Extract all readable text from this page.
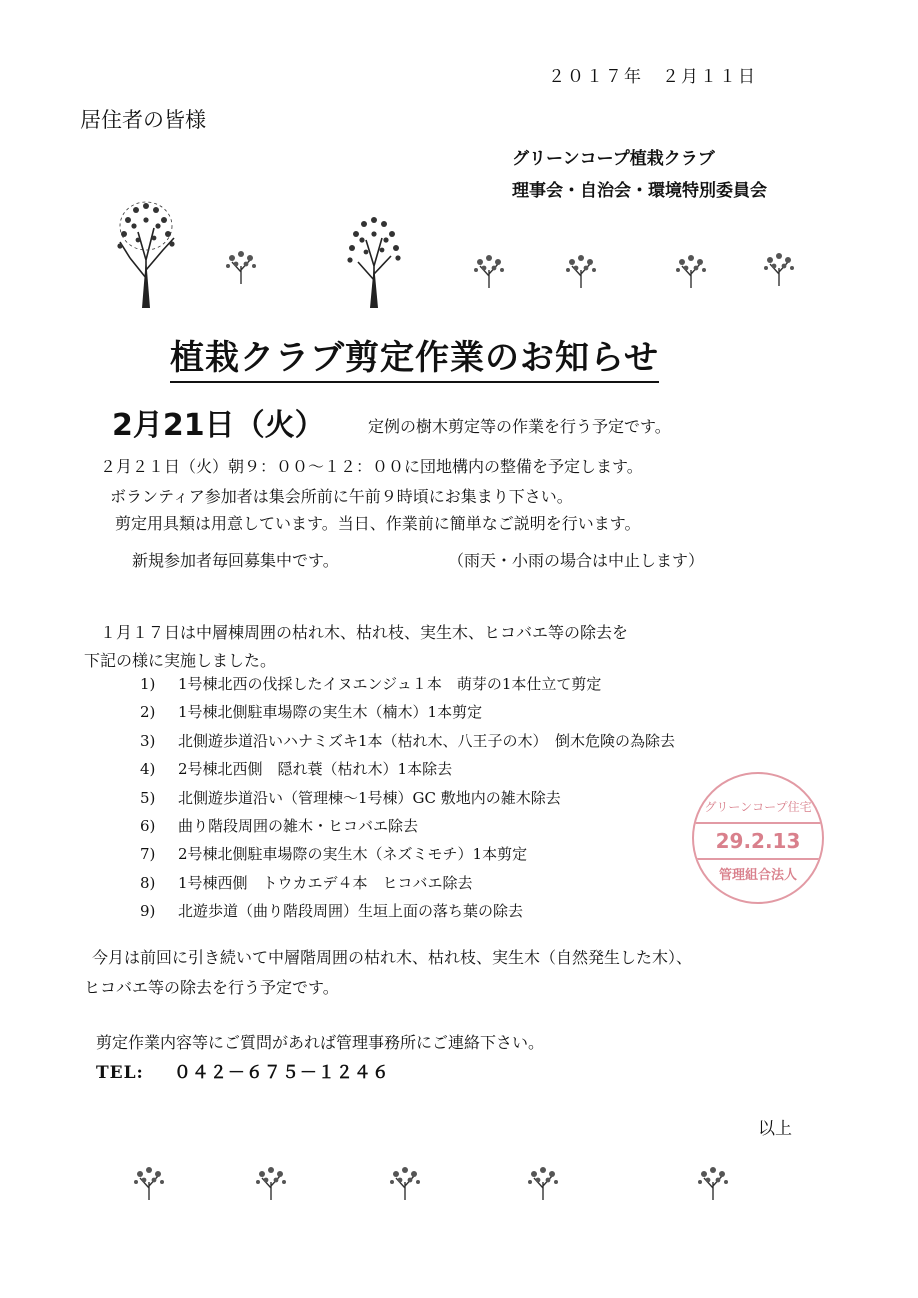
２０１７年　２月１１日
居住者の皆様
グリーンコープ植栽クラブ
理事会・自治会・環境特別委員会
植栽クラブ剪定作業のお知らせ
2月21日（火）	定例の樹木剪定等の作業を行う予定です。
２月２１日（火）朝９：００～１２：００に団地構内の整備を予定します。
ボランティア参加者は集会所前に午前９時頃にお集まり下さい。
剪定用具類は用意しています。当日、作業前に簡単なご説明を行います。
新規参加者毎回募集中です。	（雨天・小雨の場合は中止します）
１月１７日は中層棟周囲の枯れ木、枯れ枝、実生木、ヒコバエ等の除去を
下記の様に実施しました。
1)	1号棟北西の伐採したイヌエンジュ１本　萌芽の1本仕立て剪定
2)	1号棟北側駐車場際の実生木（楠木）1本剪定
3)	北側遊歩道沿いハナミズキ1本（枯れ木、八王子の木）　倒木危険の為除去
4)	2号棟北西側　隠れ蓑（枯れ木）1本除去
5)	北側遊歩道沿い（管理棟～1号棟）GC 敷地内の雑木除去
6)	曲り階段周囲の雑木・ヒコバエ除去
7)	2号棟北側駐車場際の実生木（ネズミモチ）1本剪定
8)	1号棟西側　トウカエデ４本　ヒコバエ除去
9)	北遊歩道（曲り階段周囲）生垣上面の落ち葉の除去
グリーンコープ住宅
29.2.13
管理組合法人
今月は前回に引き続いて中層階周囲の枯れ木、枯れ枝、実生木（自然発生した木）、
ヒコバエ等の除去を行う予定です。
剪定作業内容等にご質問があれば管理事務所にご連絡下さい。
TEL: ０４２－６７５－１２４６
以上
